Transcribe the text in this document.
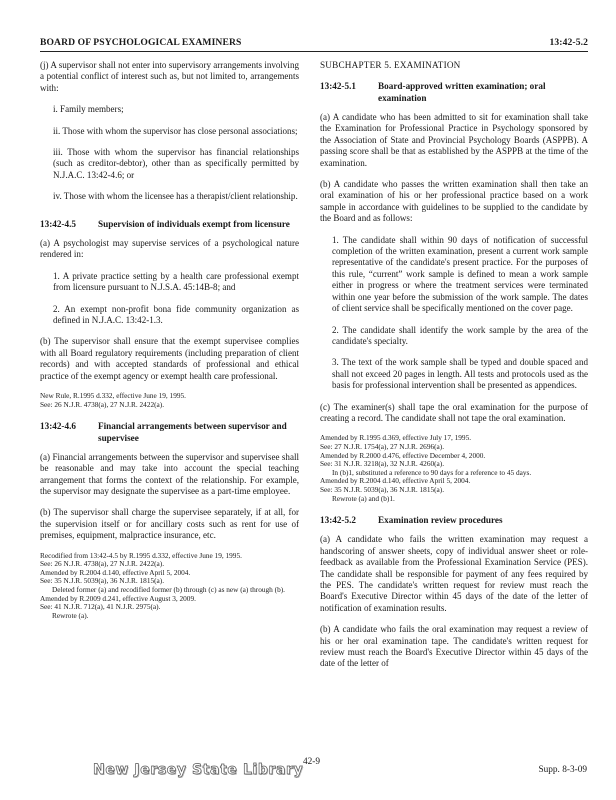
BOARD OF PSYCHOLOGICAL EXAMINERS	13:42-5.2

(j) A supervisor shall not enter into supervisory arrangements involving a potential conflict of interest such as, but not limited to, arrangements with:

i. Family members;

ii. Those with whom the supervisor has close personal associations;

iii. Those with whom the supervisor has financial relationships (such as creditor-debtor), other than as specifically permitted by N.J.A.C. 13:42-4.6; or

iv. Those with whom the licensee has a therapist/client relationship.

13:42-4.5 Supervision of individuals exempt from licensure

(a) A psychologist may supervise services of a psychological nature rendered in:

1. A private practice setting by a health care professional exempt from licensure pursuant to N.J.S.A. 45:14B-8; and

2. An exempt non-profit bona fide community organization as defined in N.J.A.C. 13:42-1.3.

(b) The supervisor shall ensure that the exempt supervisee complies with all Board regulatory requirements (including preparation of client records) and with accepted standards of professional and ethical practice of the exempt agency or exempt health care professional.

New Rule, R.1995 d.332, effective June 19, 1995.
See: 26 N.J.R. 4738(a), 27 N.J.R. 2422(a).
13:42-4.6 Financial arrangements between supervisor and supervisee

(a) Financial arrangements between the supervisor and supervisee shall be reasonable and may take into account the special teaching arrangement that forms the context of the relationship. For example, the supervisor may designate the supervisee as a part-time employee.

(b) The supervisor shall charge the supervisee separately, if at all, for the supervision itself or for ancillary costs such as rent for use of premises, equipment, malpractice insurance, etc.

Recodified from 13:42-4.5 by R.1995 d.332, effective June 19, 1995.
See: 26 N.J.R. 4738(a), 27 N.J.R. 2422(a).
Amended by R.2004 d.140, effective April 5, 2004.
See: 35 N.J.R. 5039(a), 36 N.J.R. 1815(a).
Deleted former (a) and recodified former (b) through (c) as new (a) through (b).
Amended by R.2009 d.241, effective August 3, 2009.
See: 41 N.J.R. 712(a), 41 N.J.R. 2975(a).
Rewrote (a).
SUBCHAPTER 5. EXAMINATION
13:42-5.1 Board-approved written examination; oral examination

(a) A candidate who has been admitted to sit for examination shall take the Examination for Professional Practice in Psychology sponsored by the Association of State and Provincial Psychology Boards (ASPPB). A passing score shall be that as established by the ASPPB at the time of the examination.

(b) A candidate who passes the written examination shall then take an oral examination of his or her professional practice based on a work sample in accordance with guidelines to be supplied to the candidate by the Board and as follows:

1. The candidate shall within 90 days of notification of successful completion of the written examination, present a current work sample representative of the candidate's present practice. For the purposes of this rule, “current” work sample is defined to mean a work sample either in progress or where the treatment services were terminated within one year before the submission of the work sample. The dates of client service shall be specifically mentioned on the cover page.

2. The candidate shall identify the work sample by the area of the candidate's specialty.

3. The text of the work sample shall be typed and double spaced and shall not exceed 20 pages in length. All tests and protocols used as the basis for professional intervention shall be presented as appendices.

(c) The examiner(s) shall tape the oral examination for the purpose of creating a record. The candidate shall not tape the oral examination.

Amended by R.1995 d.369, effective July 17, 1995.
See: 27 N.J.R. 1754(a), 27 N.J.R. 2696(a).
Amended by R.2000 d.476, effective December 4, 2000.
See: 31 N.J.R. 3218(a), 32 N.J.R. 4260(a).
In (b)1, substituted a reference to 90 days for a reference to 45 days.
Amended by R.2004 d.140, effective April 5, 2004.
See: 35 N.J.R. 5039(a), 36 N.J.R. 1815(a).
Rewrote (a) and (b)1.
13:42-5.2 Examination review procedures

(a) A candidate who fails the written examination may request a handscoring of answer sheets, copy of individual answer sheet or role-feedback as available from the Professional Examination Service (PES). The candidate shall be responsible for payment of any fees required by the PES. The candidate's written request for review must reach the Board's Executive Director within 45 days of the date of the letter of notification of examination results.

(b) A candidate who fails the oral examination may request a review of his or her oral examination tape. The candidate's written request for review must reach the Board's Executive Director within 45 days of the date of the letter of

New Jersey State Library 42-9
Supp. 8-3-09
